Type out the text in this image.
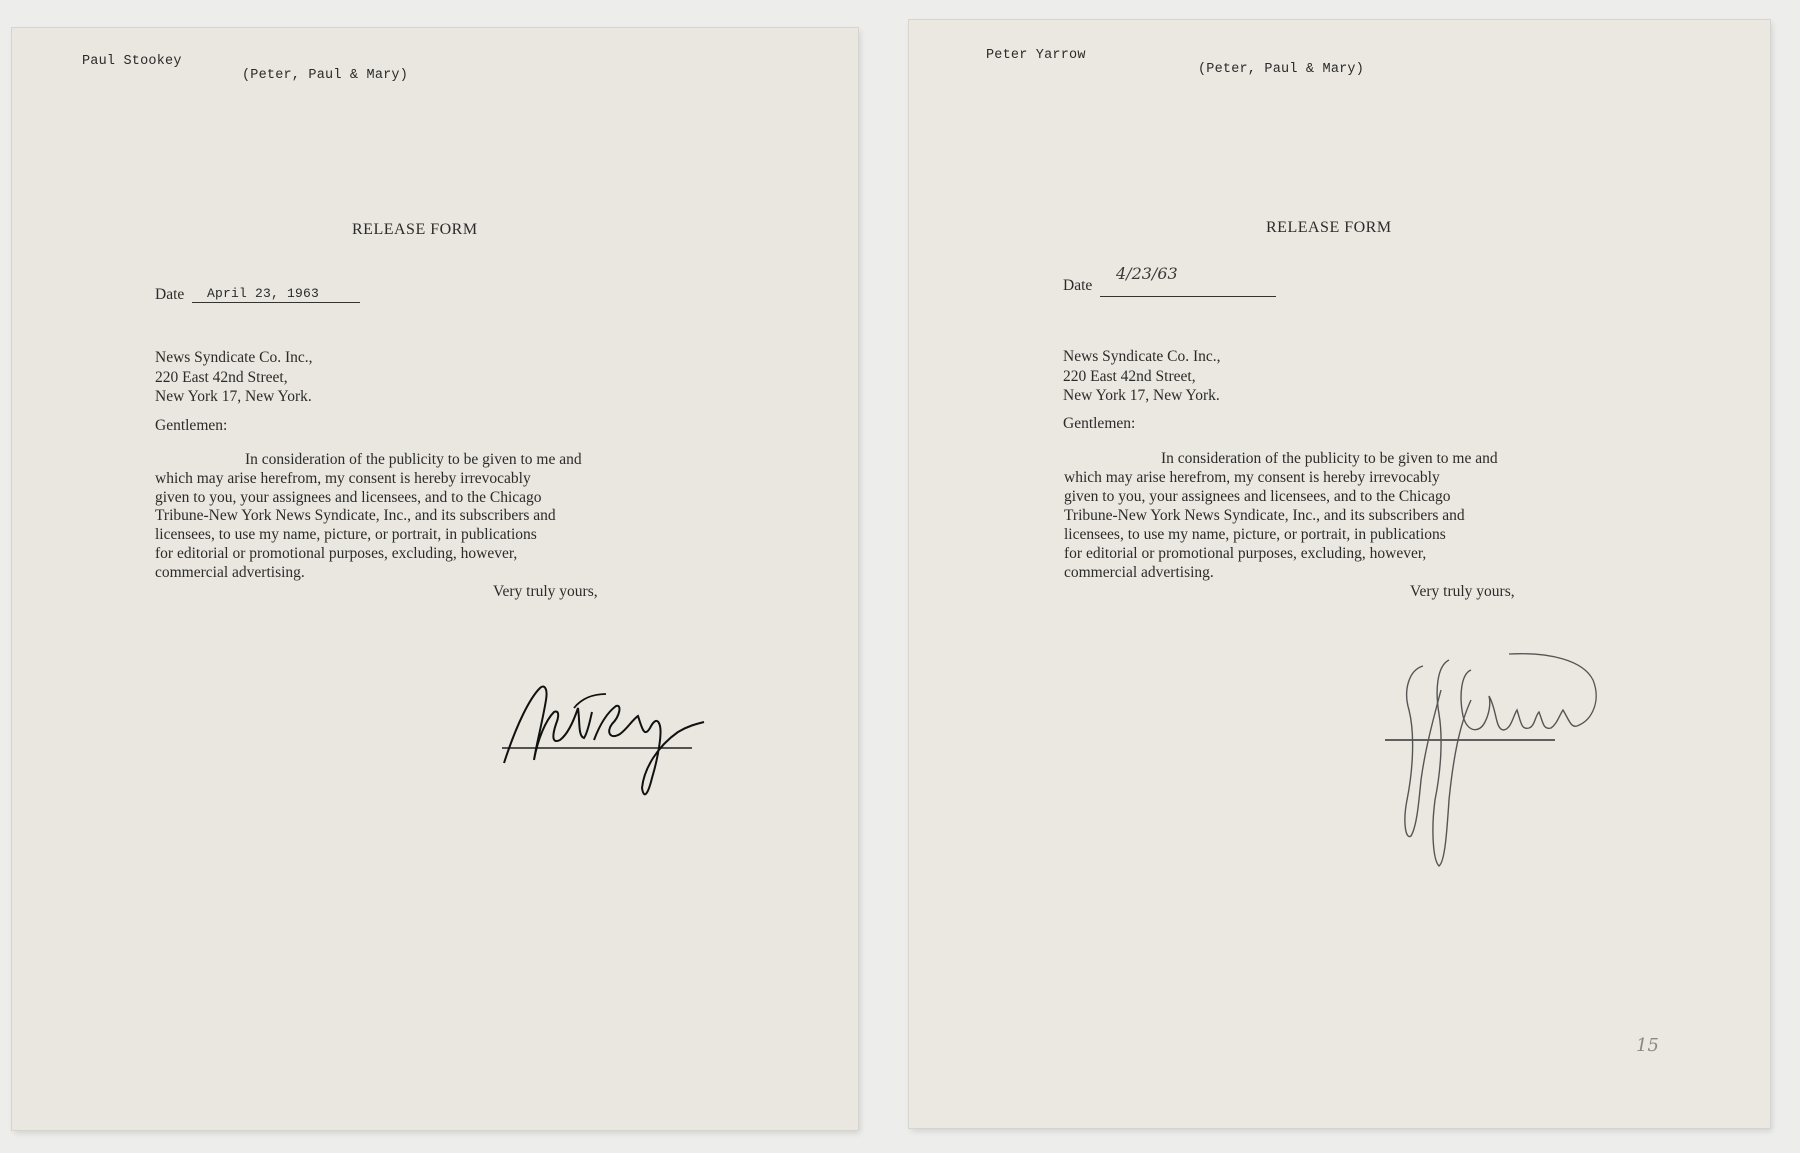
Paul Stookey
(Peter, Paul & Mary)
RELEASE FORM
Date April 23, 1963
News Syndicate Co. Inc.,
220 East 42nd Street,
New York 17, New York.
Gentlemen:
In consideration of the publicity to be given to me and
which may arise herefrom, my consent is hereby irrevocably
given to you, your assignees and licensees, and to the Chicago
Tribune-New York News Syndicate, Inc., and its subscribers and
licensees, to use my name, picture, or portrait, in publications
for editorial or promotional purposes, excluding, however,
commercial advertising.
Very truly yours,
Peter Yarrow
(Peter, Paul & Mary)
RELEASE FORM
Date
4/23/63
News Syndicate Co. Inc.,
220 East 42nd Street,
New York 17, New York.
Gentlemen:
In consideration of the publicity to be given to me and
which may arise herefrom, my consent is hereby irrevocably
given to you, your assignees and licensees, and to the Chicago
Tribune-New York News Syndicate, Inc., and its subscribers and
licensees, to use my name, picture, or portrait, in publications
for editorial or promotional purposes, excluding, however,
commercial advertising.
Very truly yours,
15
